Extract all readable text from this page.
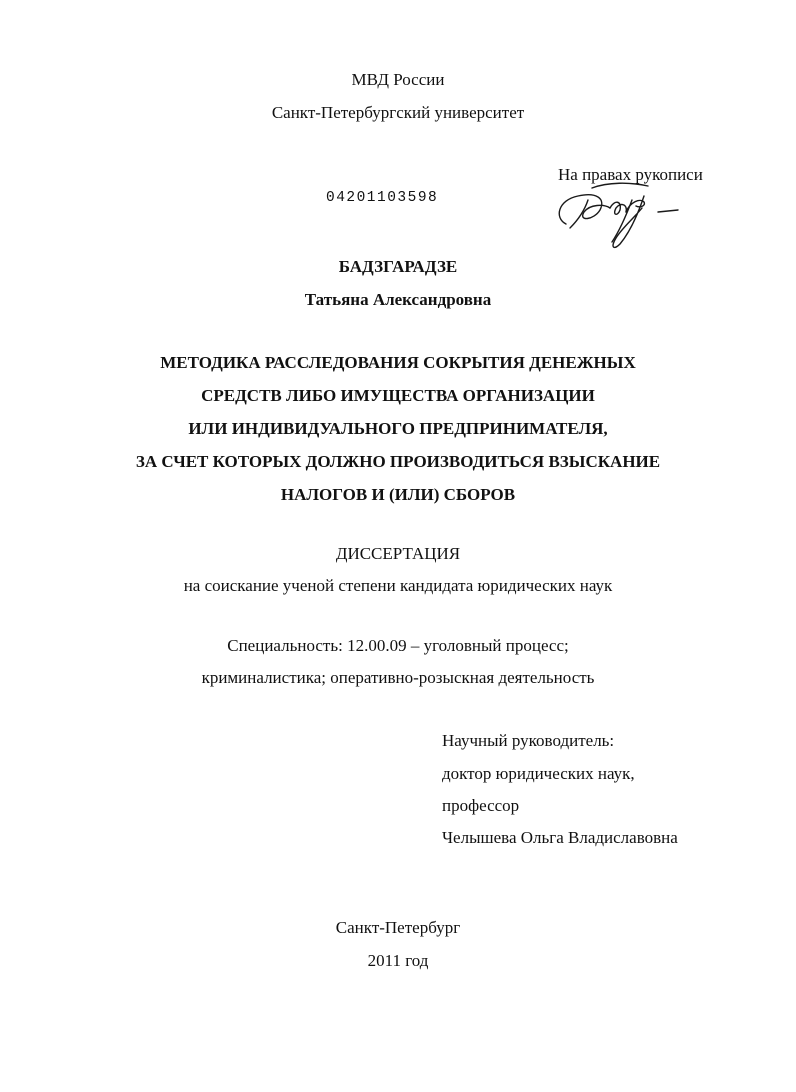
МВД России
Санкт-Петербургский университет
На правах рукописи
04201103598
БАДЗГАРАДЗЕ
Татьяна Александровна
МЕТОДИКА РАССЛЕДОВАНИЯ СОКРЫТИЯ ДЕНЕЖНЫХ
СРЕДСТВ ЛИБО ИМУЩЕСТВА ОРГАНИЗАЦИИ
ИЛИ ИНДИВИДУАЛЬНОГО ПРЕДПРИНИМАТЕЛЯ,
ЗА СЧЕТ КОТОРЫХ ДОЛЖНО ПРОИЗВОДИТЬСЯ ВЗЫСКАНИЕ
НАЛОГОВ И (ИЛИ) СБОРОВ
ДИССЕРТАЦИЯ
на соискание ученой степени кандидата юридических наук
Специальность: 12.00.09 – уголовный процесс;
криминалистика; оперативно-розыскная деятельность
Научный руководитель:
доктор юридических наук,
профессор
Челышева Ольга Владиславовна
Санкт-Петербург
2011 год
